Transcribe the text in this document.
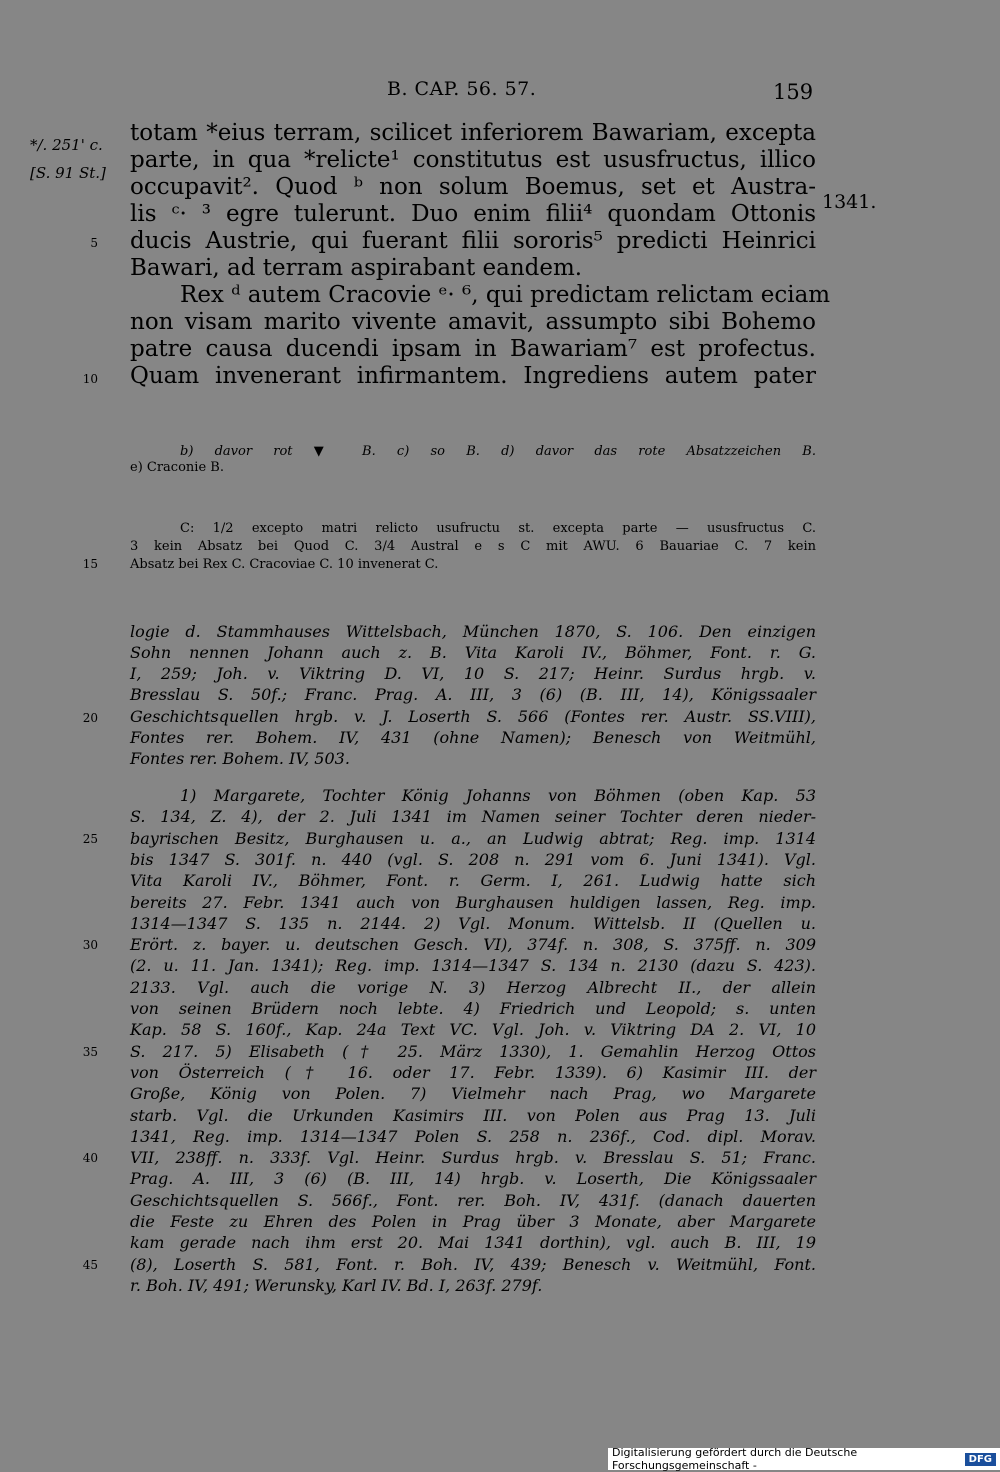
B. CAP. 56. 57.	159
*/. 251' c.
[S. 91 St.]
1341.
totam *eius terram, scilicet inferiorem Bawariam, excepta
parte, in qua *relicte¹ constitutus est ususfructus, illico
occupavit². Quod ᵇ non solum Boemus, set et Austra-
lis ᶜ· ³ egre tulerunt. Duo enim filii⁴ quondam Ottonis
ducis Austrie, qui fuerant filii sororis⁵ predicti Heinrici
Bawari, ad terram aspirabant eandem.
Rex ᵈ autem Cracovie ᵉ· ⁶, qui predictam relictam eciam
non visam marito vivente amavit, assumpto sibi Bohemo
patre causa ducendi ipsam in Bawariam⁷ est profectus.
Quam invenerant infirmantem. Ingrediens autem pater
b) davor rot ▼ B. c) so B. d) davor das rote Absatzzeichen B.
e) Craconie B.
C: 1/2 excepto matri relicto usufructu st. excepta parte — ususfructus C.
3 kein Absatz bei Quod C. 3/4 Austral e s C mit AWU. 6 Bauariae C. 7 kein
Absatz bei Rex C. Cracoviae C. 10 invenerat C.
logie d. Stammhauses Wittelsbach, München 1870, S. 106. Den einzigen
Sohn nennen Johann auch z. B. Vita Karoli IV., Böhmer, Font. r. G.
I, 259; Joh. v. Viktring D. VI, 10 S. 217; Heinr. Surdus hrgb. v.
Bresslau S. 50f.; Franc. Prag. A. III, 3 (6) (B. III, 14), Königssaaler
Geschichtsquellen hrgb. v. J. Loserth S. 566 (Fontes rer. Austr. SS.VIII),
Fontes rer. Bohem. IV, 431 (ohne Namen); Benesch von Weitmühl,
Fontes rer. Bohem. IV, 503.
1) Margarete, Tochter König Johanns von Böhmen (oben Kap. 53
S. 134, Z. 4), der 2. Juli 1341 im Namen seiner Tochter deren nieder-
bayrischen Besitz, Burghausen u. a., an Ludwig abtrat; Reg. imp. 1314
bis 1347 S. 301f. n. 440 (vgl. S. 208 n. 291 vom 6. Juni 1341). Vgl.
Vita Karoli IV., Böhmer, Font. r. Germ. I, 261. Ludwig hatte sich
bereits 27. Febr. 1341 auch von Burghausen huldigen lassen, Reg. imp.
1314—1347 S. 135 n. 2144. 2) Vgl. Monum. Wittelsb. II (Quellen u.
Erört. z. bayer. u. deutschen Gesch. VI), 374f. n. 308, S. 375ff. n. 309
(2. u. 11. Jan. 1341); Reg. imp. 1314—1347 S. 134 n. 2130 (dazu S. 423).
2133. Vgl. auch die vorige N. 3) Herzog Albrecht II., der allein
von seinen Brüdern noch lebte. 4) Friedrich und Leopold; s. unten
Kap. 58 S. 160f., Kap. 24a Text VC. Vgl. Joh. v. Viktring DA 2. VI, 10
S. 217. 5) Elisabeth († 25. März 1330), 1. Gemahlin Herzog Ottos
von Österreich († 16. oder 17. Febr. 1339). 6) Kasimir III. der
Große, König von Polen. 7) Vielmehr nach Prag, wo Margarete
starb. Vgl. die Urkunden Kasimirs III. von Polen aus Prag 13. Juli
1341, Reg. imp. 1314—1347 Polen S. 258 n. 236f., Cod. dipl. Morav.
VII, 238ff. n. 333f. Vgl. Heinr. Surdus hrgb. v. Bresslau S. 51; Franc.
Prag. A. III, 3 (6) (B. III, 14) hrgb. v. Loserth, Die Königssaaler
Geschichtsquellen S. 566f., Font. rer. Boh. IV, 431f. (danach dauerten
die Feste zu Ehren des Polen in Prag über 3 Monate, aber Margarete
kam gerade nach ihm erst 20. Mai 1341 dorthin), vgl. auch B. III, 19
(8), Loserth S. 581, Font. r. Boh. IV, 439; Benesch v. Weitmühl, Font.
r. Boh. IV, 491; Werunsky, Karl IV. Bd. I, 263f. 279f.
5
10
15
20
25
30
35
40
45
Digitalisierung gefördert durch die Deutsche Forschungsgemeinschaft -	DFG
